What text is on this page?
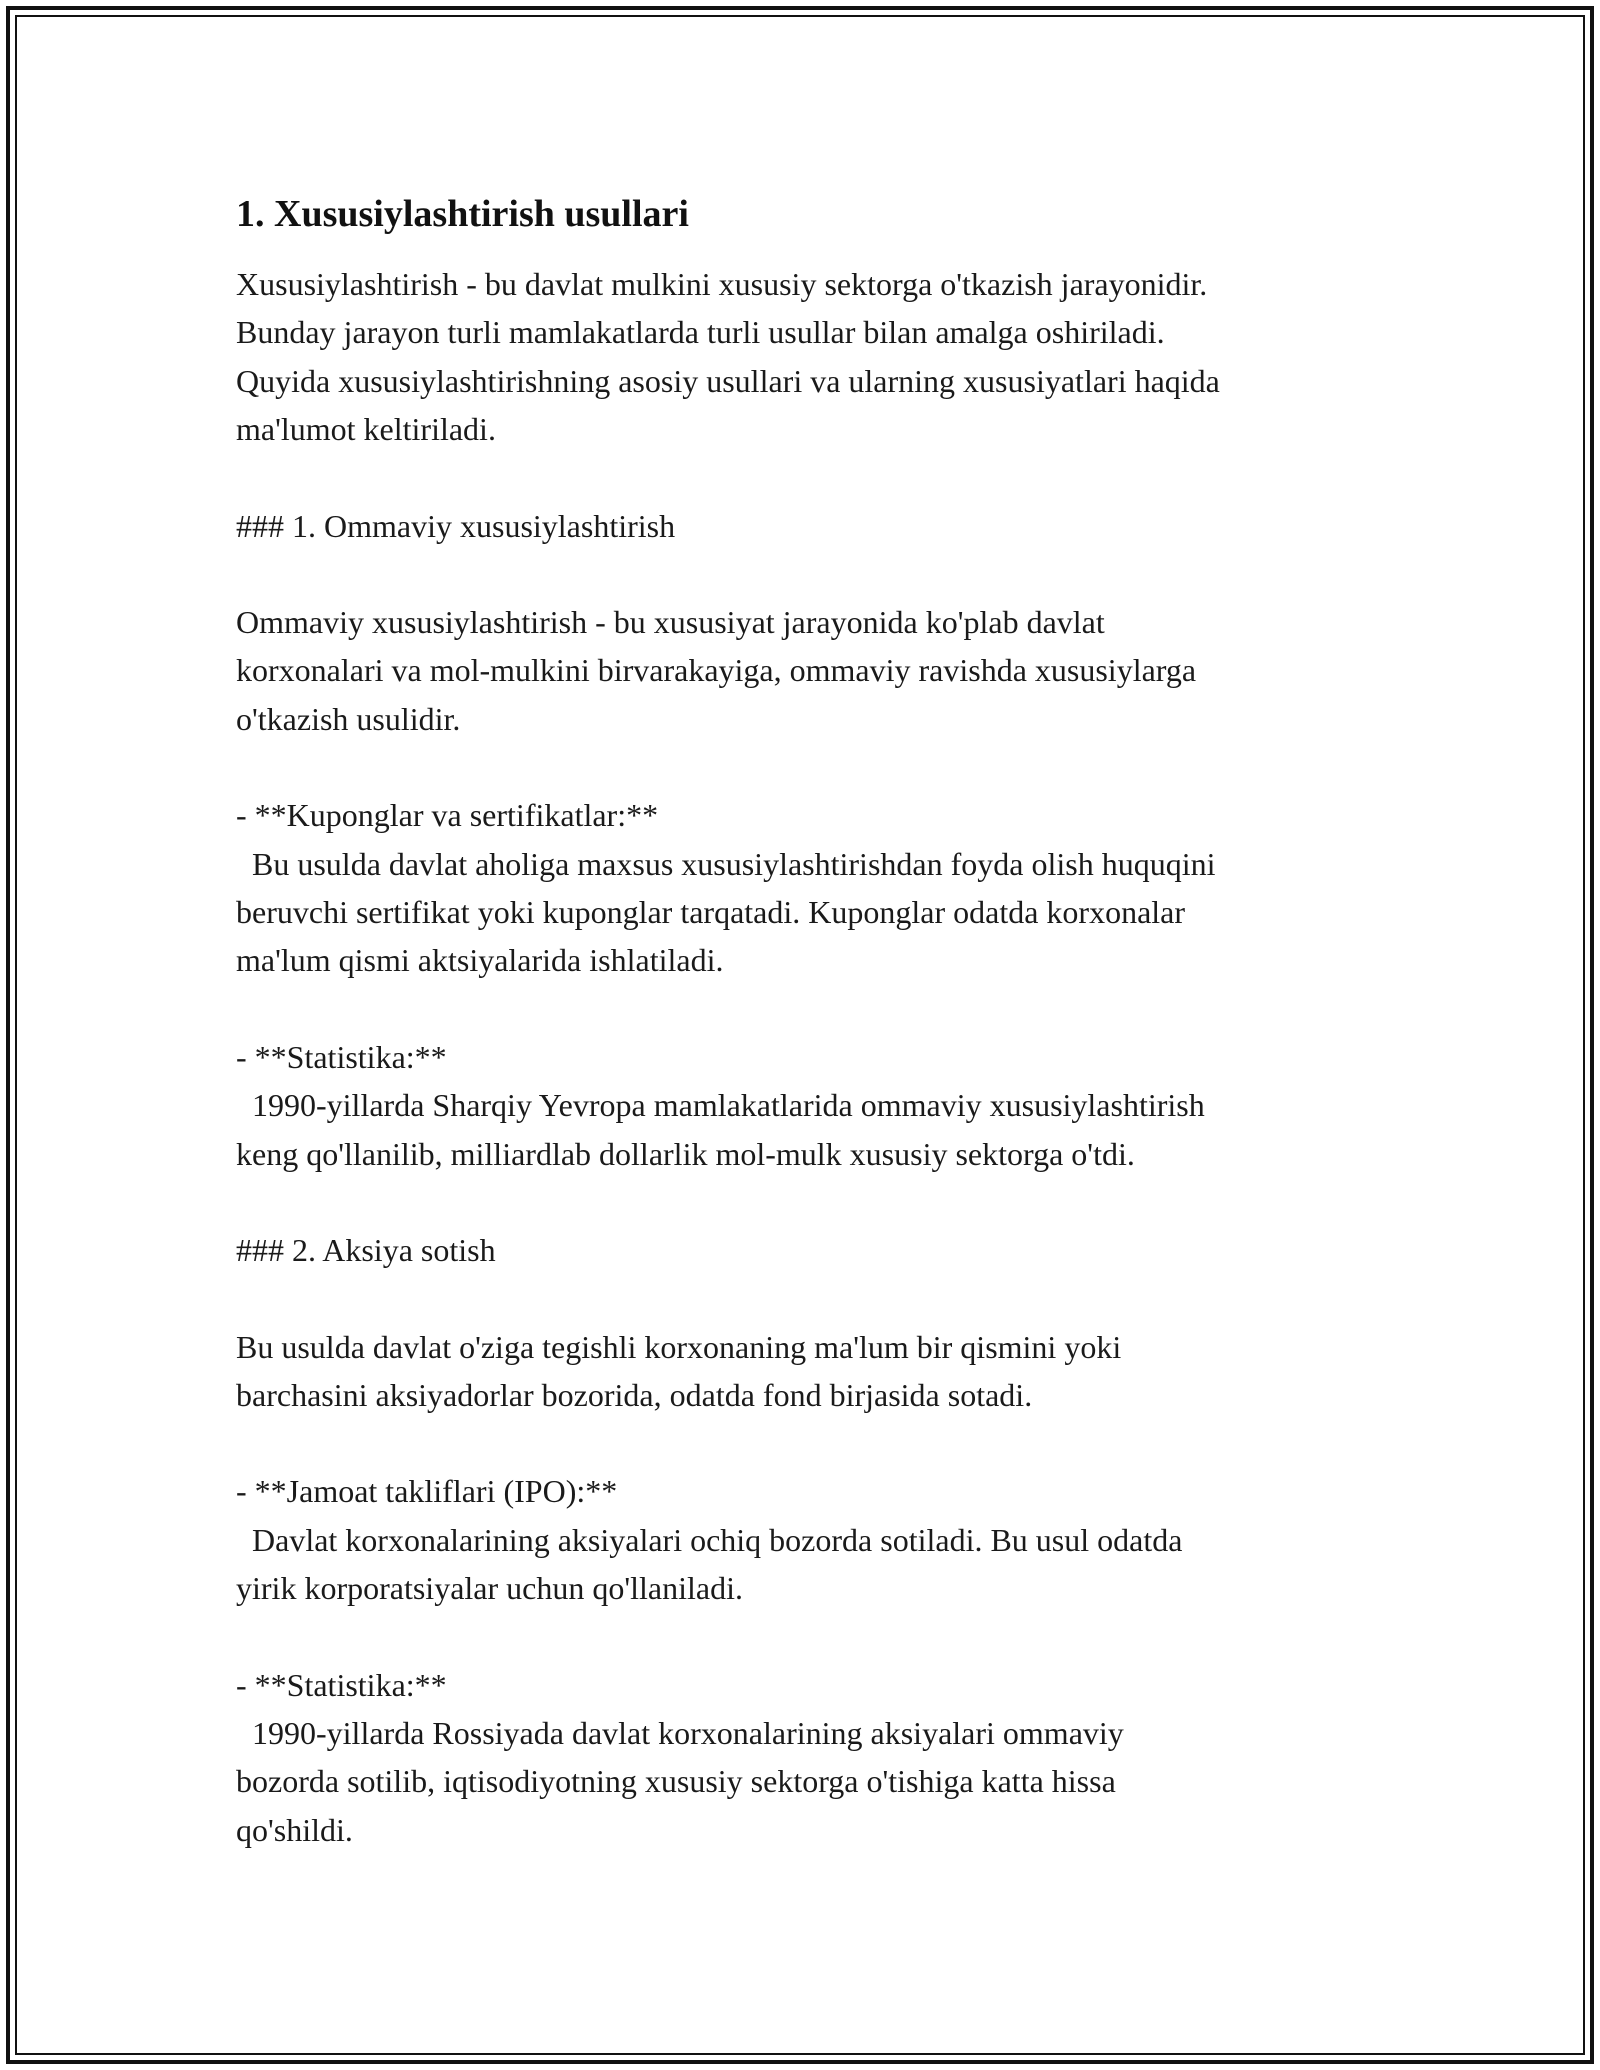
1. Xususiylashtirish usullari

Xususiylashtirish - bu davlat mulkini xususiy sektorga o'tkazish jarayonidir.
Bunday jarayon turli mamlakatlarda turli usullar bilan amalga oshiriladi.
Quyida xususiylashtirishning asosiy usullari va ularning xususiyatlari haqida
ma'lumot keltiriladi.

### 1. Ommaviy xususiylashtirish

Ommaviy xususiylashtirish - bu xususiyat jarayonida ko'plab davlat
korxonalari va mol-mulkini birvarakayiga, ommaviy ravishda xususiylarga
o'tkazish usulidir.

- **Kuponglar va sertifikatlar:**
Bu usulda davlat aholiga maxsus xususiylashtirishdan foyda olish huquqini
beruvchi sertifikat yoki kuponglar tarqatadi. Kuponglar odatda korxonalar
ma'lum qismi aktsiyalarida ishlatiladi.

- **Statistika:**
1990-yillarda Sharqiy Yevropa mamlakatlarida ommaviy xususiylashtirish
keng qo'llanilib, milliardlab dollarlik mol-mulk xususiy sektorga o'tdi.

### 2. Aksiya sotish

Bu usulda davlat o'ziga tegishli korxonaning ma'lum bir qismini yoki
barchasini aksiyadorlar bozorida, odatda fond birjasida sotadi.

- **Jamoat takliflari (IPO):**
Davlat korxonalarining aksiyalari ochiq bozorda sotiladi. Bu usul odatda
yirik korporatsiyalar uchun qo'llaniladi.

- **Statistika:**
1990-yillarda Rossiyada davlat korxonalarining aksiyalari ommaviy
bozorda sotilib, iqtisodiyotning xususiy sektorga o'tishiga katta hissa
qo'shildi.
